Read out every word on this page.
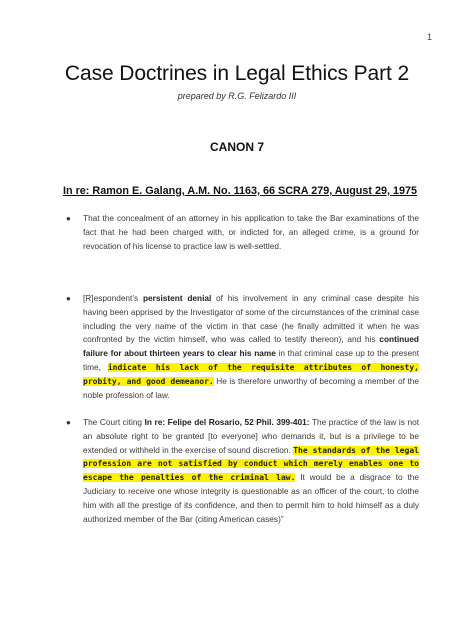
1
Case Doctrines in Legal Ethics Part 2
prepared by R.G. Felizardo III
CANON 7
In re: Ramon E. Galang, A.M. No. 1163, 66 SCRA 279, August 29, 1975
● That the concealment of an attorney in his application to take the Bar examinations of the fact that he had been charged with, or indicted for, an alleged crime, is a ground for revocation of his license to practice law is well-settled.
● [R]espondent’s persistent denial of his involvement in any criminal case despite his having been apprised by the Investigator of some of the circumstances of the criminal case including the very name of the victim in that case (he finally admitted it when he was confronted by the victim himself, who was called to testify thereon), and his continued failure for about thirteen years to clear his name in that criminal case up to the present time, indicate his lack of the requisite attributes of honesty, probity, and good demeanor. He is therefore unworthy of becoming a member of the noble profession of law.
● The Court citing In re: Felipe del Rosario, 52 Phil. 399-401: The practice of the law is not an absolute right to be granted [to everyone] who demands it, but is a privilege to be extended or withheld in the exercise of sound discretion. The standards of the legal profession are not satisfied by conduct which merely enables one to escape the penalties of the criminal law. It would be a disgrace to the Judiciary to receive one whose integrity is questionable as an officer of the court, to clothe him with all the prestige of its confidence, and then to permit him to hold himself as a duly authorized member of the Bar (citing American cases)”
